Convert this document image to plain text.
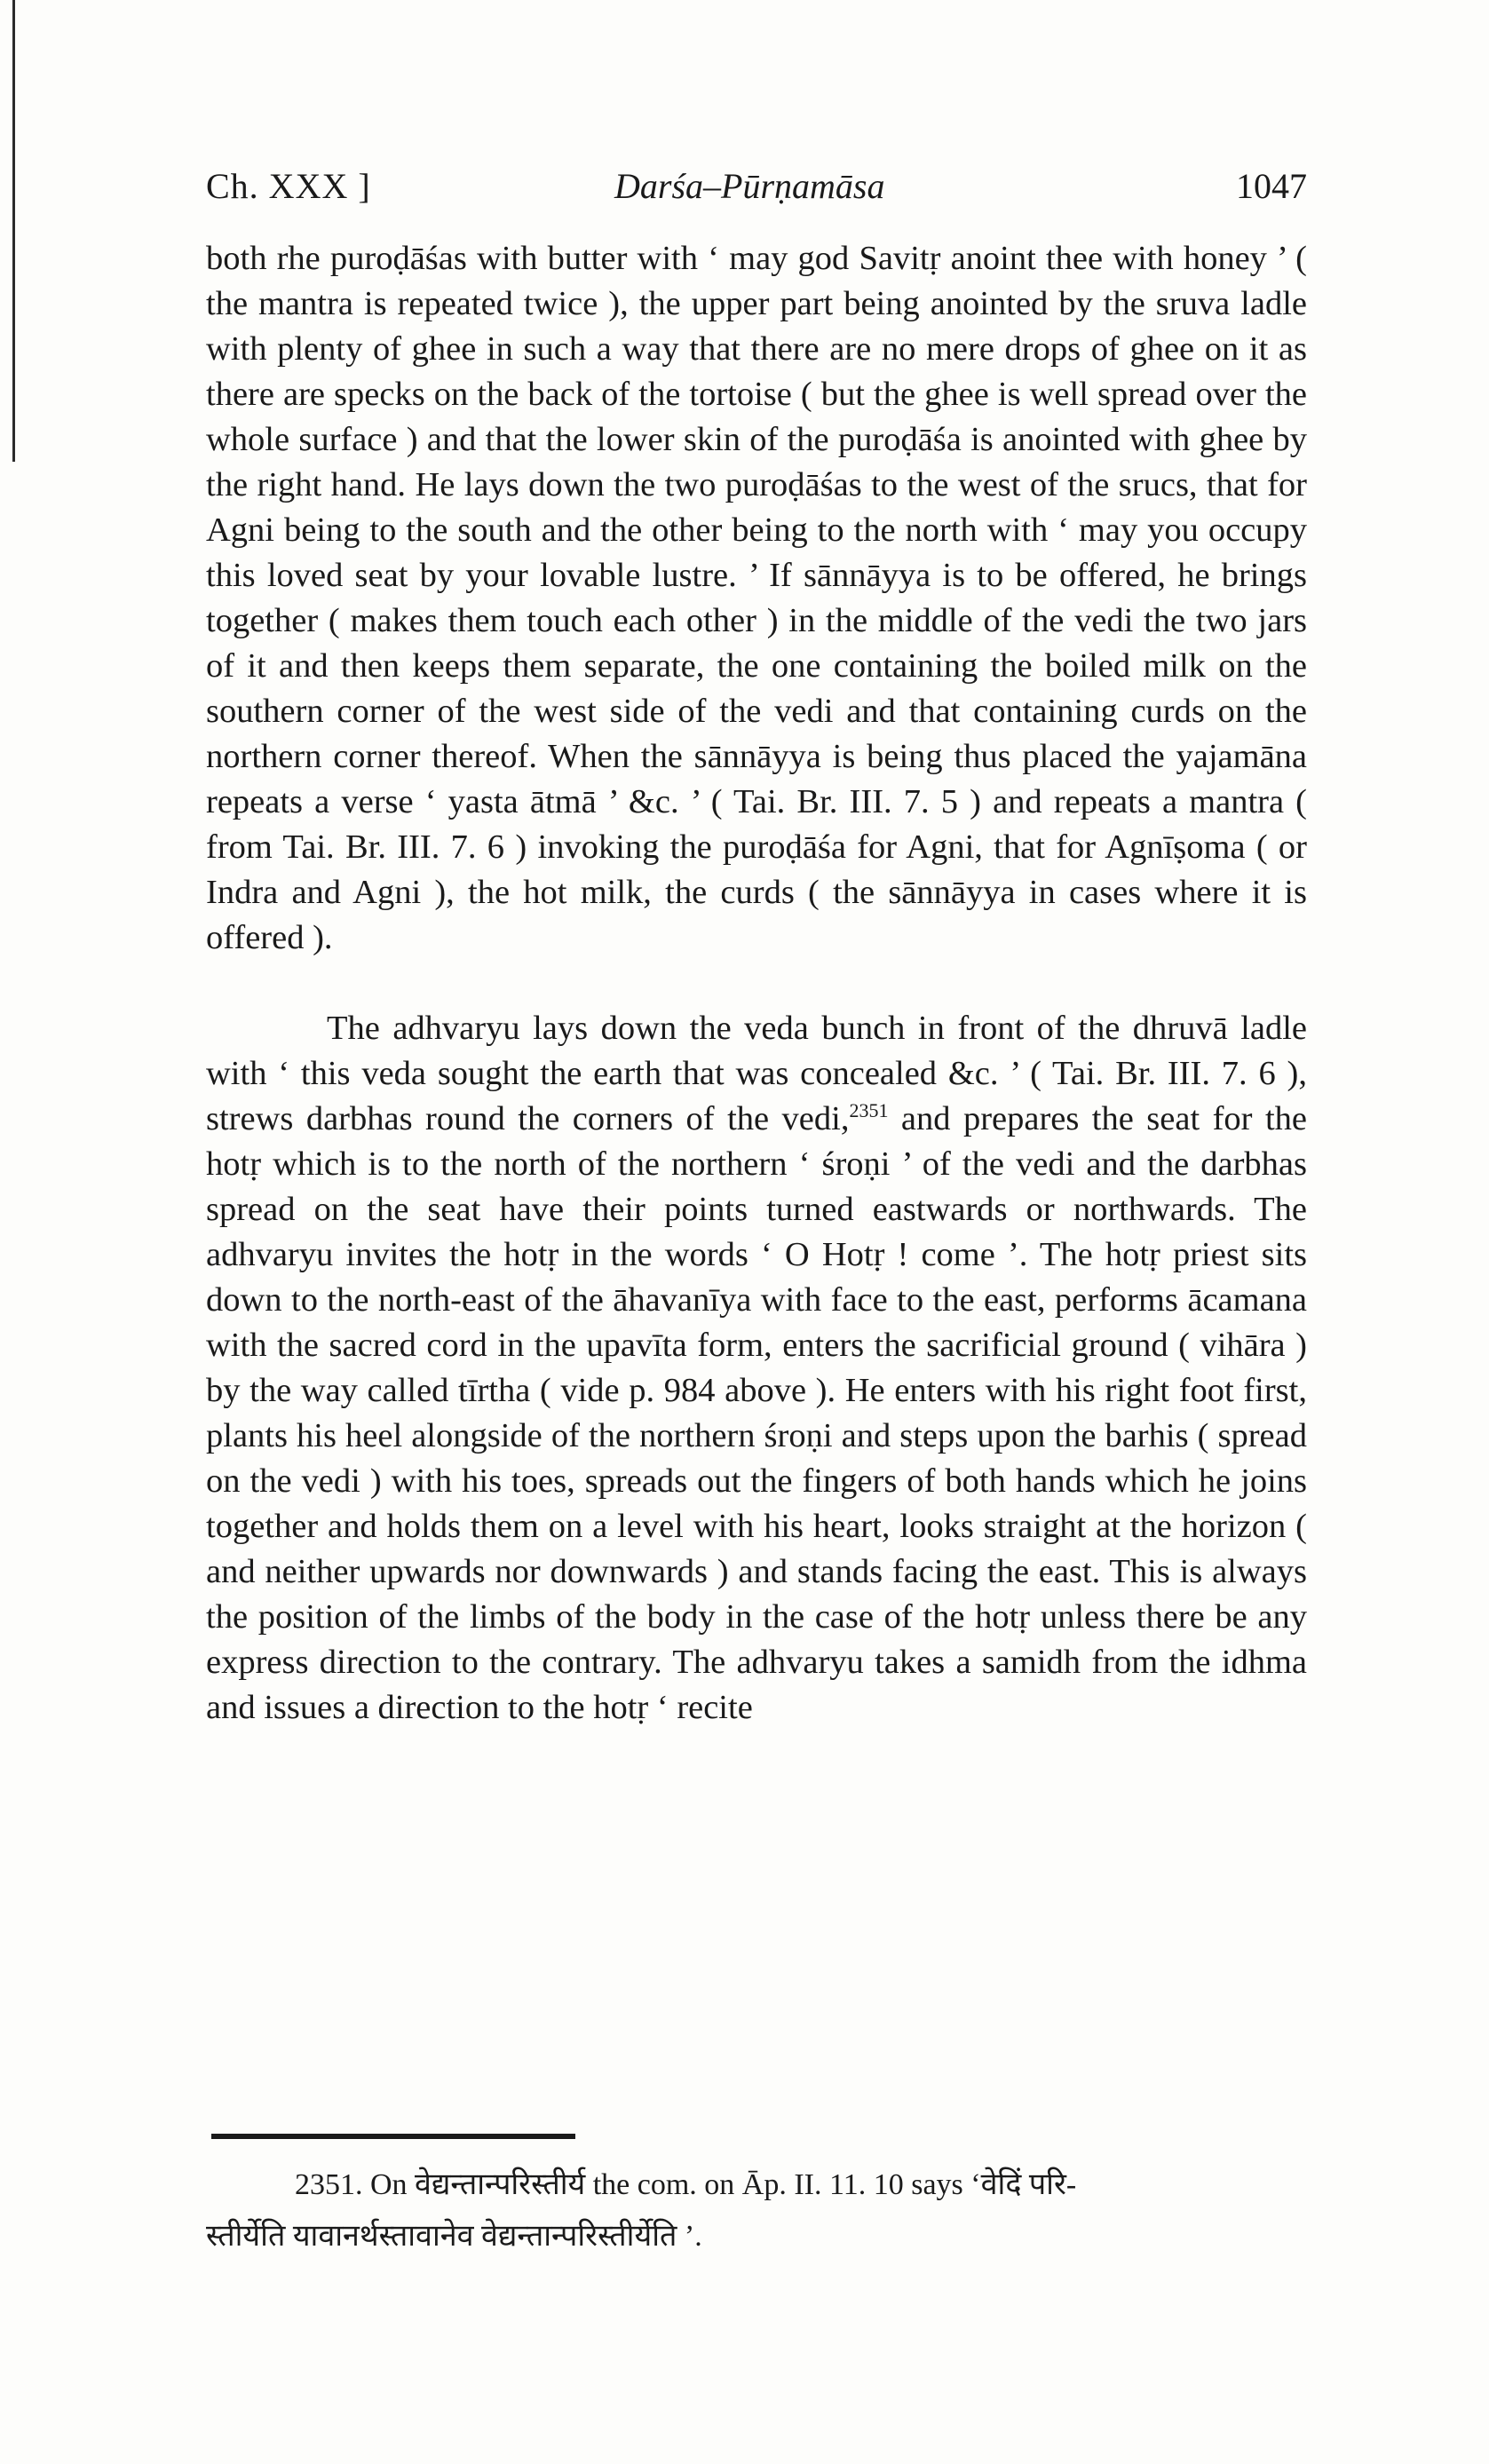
Ch. XXX ]	Darśa–Pūrṇamāsa	1047

both rhe puroḍāśas with butter with ‘ may god Savitṛ anoint thee with honey ’ ( the mantra is repeated twice ), the upper part being anointed by the sruva ladle with plenty of ghee in such a way that there are no mere drops of ghee on it as there are specks on the back of the tortoise ( but the ghee is well spread over the whole surface ) and that the lower skin of the puroḍāśa is anointed with ghee by the right hand. He lays down the two puroḍāśas to the west of the srucs, that for Agni being to the south and the other being to the north with ‘ may you occupy this loved seat by your lovable lustre. ’ If sānnāyya is to be offered, he brings together ( makes them touch each other ) in the middle of the vedi the two jars of it and then keeps them separate, the one containing the boiled milk on the southern corner of the west side of the vedi and that containing curds on the northern corner thereof. When the sānnāyya is being thus placed the yajamāna repeats a verse ‘ yasta ātmā ’ &c. ’ ( Tai. Br. III. 7. 5 ) and repeats a mantra ( from Tai. Br. III. 7. 6 ) invoking the puroḍāśa for Agni, that for Agnīṣoma ( or Indra and Agni ), the hot milk, the curds ( the sānnāyya in cases where it is offered ).

The adhvaryu lays down the veda bunch in front of the dhruvā ladle with ‘ this veda sought the earth that was concealed &c. ’ ( Tai. Br. III. 7. 6 ), strews darbhas round the corners of the vedi,$^{2351}$ and prepares the seat for the hotṛ which is to the north of the northern ‘ śroṇi ’ of the vedi and the darbhas spread on the seat have their points turned eastwards or northwards. The adhvaryu invites the hotṛ in the words ‘ O Hotṛ ! come ’. The hotṛ priest sits down to the north-east of the āhavanīya with face to the east, performs ācamana with the sacred cord in the upavīta form, enters the sacrificial ground ( vihāra ) by the way called tīrtha ( vide p. 984 above ). He enters with his right foot first, plants his heel alongside of the northern śroṇi and steps upon the barhis ( spread on the vedi ) with his toes, spreads out the fingers of both hands which he joins together and holds them on a level with his heart, looks straight at the horizon ( and neither upwards nor downwards ) and stands facing the east. This is always the position of the limbs of the body in the case of the hotṛ unless there be any express direction to the contrary. The adhvaryu takes a samidh from the idhma and issues a direction to the hotṛ ‘ recite

2351. On वेद्यन्तान्परिस्तीर्य the com. on Āp. II. 11. 10 says ‘वेदिं परि-
स्तीर्येति यावानर्थस्तावानेव वेद्यन्तान्परिस्तीर्येति ’.
